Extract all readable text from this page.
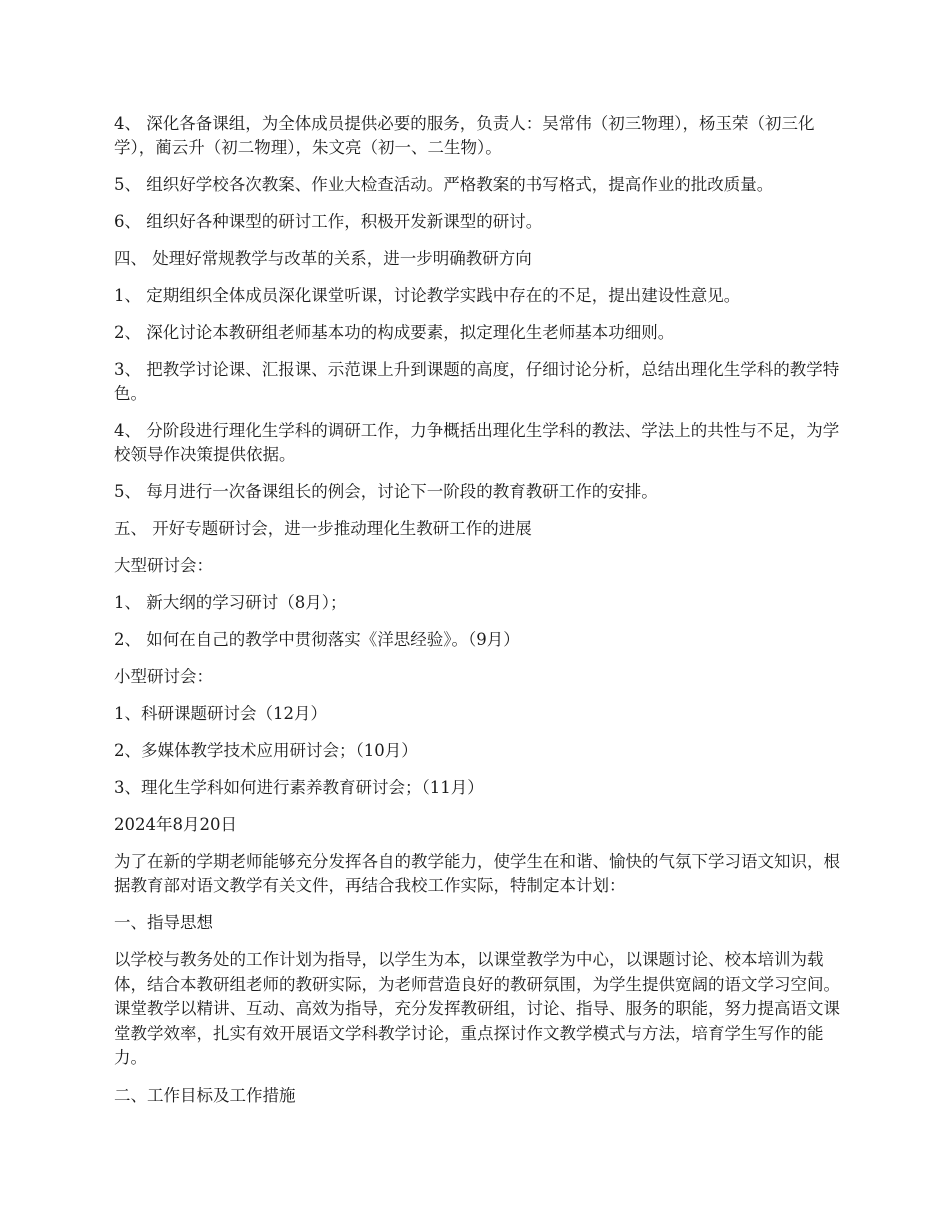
4、 深化各备课组，为全体成员提供必要的服务，负责人：吴常伟（初三物理），杨玉荣（初三化学），蔺云升（初二物理），朱文亮（初一、二生物）。

5、 组织好学校各次教案、作业大检查活动。严格教案的书写格式，提高作业的批改质量。

6、 组织好各种课型的研讨工作，积极开发新课型的研讨。

四、 处理好常规教学与改革的关系，进一步明确教研方向

1、 定期组织全体成员深化课堂听课，讨论教学实践中存在的不足，提出建设性意见。

2、 深化讨论本教研组老师基本功的构成要素，拟定理化生老师基本功细则。

3、 把教学讨论课、汇报课、示范课上升到课题的高度，仔细讨论分析，总结出理化生学科的教学特色。

4、 分阶段进行理化生学科的调研工作，力争概括出理化生学科的教法、学法上的共性与不足，为学校领导作决策提供依据。

5、 每月进行一次备课组长的例会，讨论下一阶段的教育教研工作的安排。

五、 开好专题研讨会，进一步推动理化生教研工作的进展

大型研讨会：

1、 新大纲的学习研讨（8月）；

2、 如何在自己的教学中贯彻落实《洋思经验》。（9月）

小型研讨会：

1、科研课题研讨会（12月）

2、多媒体教学技术应用研讨会；（10月）

3、理化生学科如何进行素养教育研讨会；（11月）

2024年8月20日

为了在新的学期老师能够充分发挥各自的教学能力，使学生在和谐、愉快的气氛下学习语文知识，根据教育部对语文教学有关文件，再结合我校工作实际，特制定本计划：

一、指导思想

以学校与教务处的工作计划为指导，以学生为本，以课堂教学为中心，以课题讨论、校本培训为载体，结合本教研组老师的教研实际，为老师营造良好的教研氛围，为学生提供宽阔的语文学习空间。课堂教学以精讲、互动、高效为指导，充分发挥教研组，讨论、指导、服务的职能，努力提高语文课堂教学效率，扎实有效开展语文学科教学讨论，重点探讨作文教学模式与方法，培育学生写作的能力。

二、工作目标及工作措施
